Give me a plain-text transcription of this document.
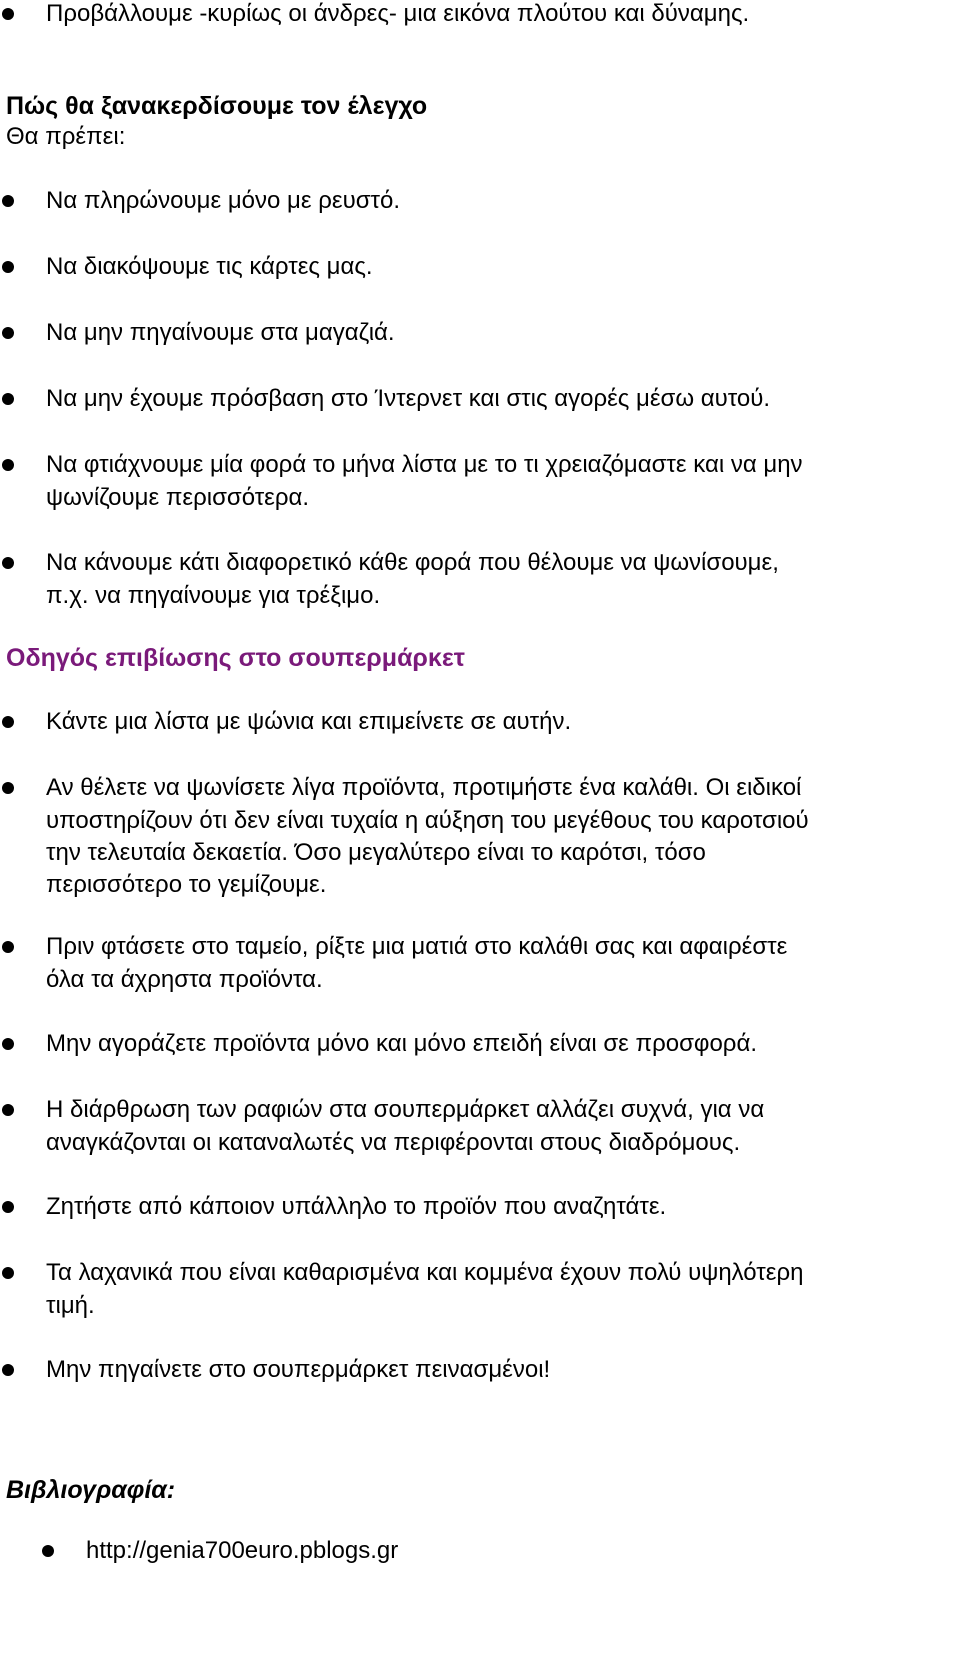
Προβάλλουμε -κυρίως οι άνδρες- μια εικόνα πλούτου και δύναμης.
Πώς θα ξανακερδίσουμε τον έλεγχο
Θα πρέπει:
Να πληρώνουμε μόνο με ρευστό.
Να διακόψουμε τις κάρτες μας.
Να μην πηγαίνουμε στα μαγαζιά.
Να μην έχουμε πρόσβαση στο Ίντερνετ και στις αγορές μέσω αυτού.
Να φτιάχνουμε μία φορά το μήνα λίστα με το τι χρειαζόμαστε και να μην
ψωνίζουμε περισσότερα.
Να κάνουμε κάτι διαφορετικό κάθε φορά που θέλουμε να ψωνίσουμε,
π.χ. να πηγαίνουμε για τρέξιμο.
Οδηγός επιβίωσης στο σουπερμάρκετ
Κάντε μια λίστα με ψώνια και επιμείνετε σε αυτήν.
Αν θέλετε να ψωνίσετε λίγα προϊόντα, προτιμήστε ένα καλάθι. Οι ειδικοί
υποστηρίζουν ότι δεν είναι τυχαία η αύξηση του μεγέθους του καροτσιού
την τελευταία δεκαετία. Όσο μεγαλύτερο είναι το καρότσι, τόσο
περισσότερο το γεμίζουμε.
Πριν φτάσετε στο ταμείο, ρίξτε μια ματιά στο καλάθι σας και αφαιρέστε
όλα τα άχρηστα προϊόντα.
Μην αγοράζετε προϊόντα μόνο και μόνο επειδή είναι σε προσφορά.
Η διάρθρωση των ραφιών στα σουπερμάρκετ αλλάζει συχνά, για να
αναγκάζονται οι καταναλωτές να περιφέρονται στους διαδρόμους.
Ζητήστε από κάποιον υπάλληλο το προϊόν που αναζητάτε.
Τα λαχανικά που είναι καθαρισμένα και κομμένα έχουν πολύ υψηλότερη
τιμή.
Μην πηγαίνετε στο σουπερμάρκετ πεινασμένοι!
Βιβλιογραφία:
http://genia700euro.pblogs.gr
